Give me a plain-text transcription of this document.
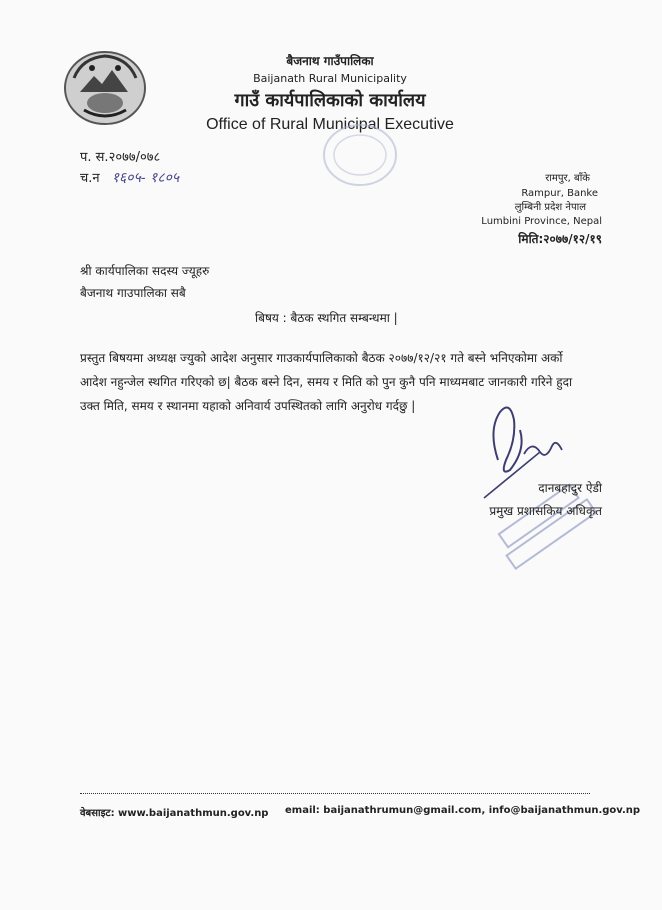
बैजनाथ गाउँपालिका
Baijanath Rural Municipality
गाउँ कार्यपालिकाको कार्यालय
Office of Rural Municipal Executive
प. स.२०७७/०७८
च.न १६०५- १८०५	रामपुर, बाँके
Rampur, Banke
लुम्बिनी प्रदेश नेपाल
Lumbini Province, Nepal
मिति:२०७७/१२/१९
श्री कार्यपालिका सदस्य ज्यूहरु
बैजनाथ गाउपालिका सबै
बिषय : बैठक स्थगित सम्बन्धमा |
प्रस्तुत बिषयमा अध्यक्ष ज्युको आदेश अनुसार गाउकार्यपालिकाको बैठक २०७७/१२/२१ गते बस्ने भनिएकोमा अर्को आदेश नहुन्जेल स्थगित गरिएको छ| बैठक बस्ने दिन, समय र मिति को पुन कुनै पनि माध्यमबाट जानकारी गरिने हुदा उक्त मिति, समय र स्थानमा यहाको अनिवार्य उपस्थितको लागि अनुरोध गर्दछु |
दानबहादुर ऐडी
प्रमुख प्रशासकिय अधिकृत
वेबसाइट: www.baijanathmun.gov.np email: baijanathrumun@gmail.com, info@baijanathmun.gov.np
